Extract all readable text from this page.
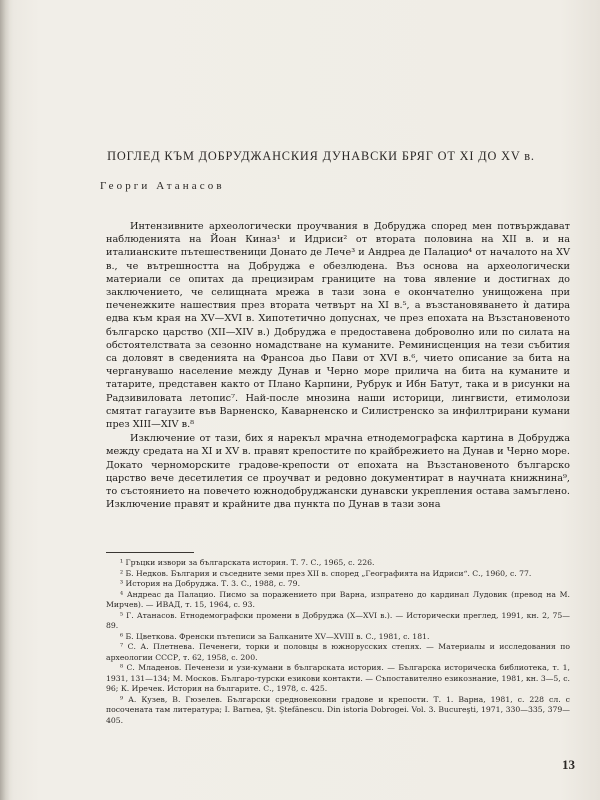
ПОГЛЕД КЪМ ДОБРУДЖАНСКИЯ ДУНАВСКИ БРЯГ ОТ XI ДО XV в.
Георги Атанасов

Интензивните археологически проучвания в Добруджа според мен потвърждават наблюденията на Йоан Киназ¹ и Идриси² от втората половина на XII в. и на италианските пътешественици Донато де Лече³ и Андреа де Палацио⁴ от началото на XV в., че вътрешността на Добруджа е обезлюдена. Въз основа на археологически материали се опитах да прецизирам границите на това явление и достигнах до заключението, че селищната мрежа в тази зона е окончателно унищожена при печенежките нашествия през втората четвърт на XI в.⁵, а възстановяването ѝ датира едва към края на XV—XVI в. Хипотетично допуснах, че през епохата на Възстановеното българско царство (XII—XIV в.) Добруджа е предоставена доброволно или по силата на обстоятелствата за сезонно номадстване на куманите. Реминисценция на тези събития са доловят в сведенията на Франсоа дьо Пави от XVI в.⁶, чието описание за бита на черганувашо население между Дунав и Черно море прилича на бита на куманите и татарите, представен както от Плано Карпини, Рубрук и Ибн Батут, така и в рисунки на Радзивиловата летопис⁷. Най-после мнозина наши историци, лингвисти, етимолози смятат гагаузите във Варненско, Каварненско и Силистренско за инфилтрирани кумани през XIII—XIV в.⁸

Изключение от тази, бих я нарекъл мрачна етнодемографска картина в Добруджа между средата на XI и XV в. правят крепостите по крайбрежието на Дунав и Черно море. Докато черноморските градове-крепости от епохата на Възстановеното българско царство вече десетилетия се проучват и редовно документират в научната книжнина⁹, то състоянието на повечето южнодобруджански дунавски укрепления остава замъглено. Изключение правят и крайните два пункта по Дунав в тази зона

¹ Гръцки извори за българската история. Т. 7. С., 1965, с. 226.
² Б. Недков. България и съседните земи през XII в. според „Географията на Идриси“. С., 1960, с. 77.
³ История на Добруджа. Т. 3. С., 1988, с. 79.
⁴ Андреас да Палацио. Писмо за поражението при Варна, изпратено до кардинал Лудовик (превод на М. Мирчев). — ИВАД, т. 15, 1964, с. 93.
⁵ Г. Атанасов. Етнодемографски промени в Добруджа (X—XVI в.). — Исторически преглед, 1991, кн. 2, 75—89.
⁶ Б. Цветкова. Френски пътеписи за Балканите XV—XVIII в. С., 1981, с. 181.
⁷ С. А. Плетнева. Печенеги, торки и половцы в южнорусских степях. — Материалы и исследования по археологии СССР, т. 62, 1958, с. 200.
⁸ С. Младенов. Печенези и узи-кумани в българската история. — Българска историческа библиотека, т. 1, 1931, 131—134; М. Москов. Българо-турски езикови контакти. — Съпоставително езикознание, 1981, кн. 3—5, с. 96; К. Иречек. История на българите. С., 1978, с. 425.
⁹ А. Кузев, В. Гюзелев. Български средновековни градове и крепости. Т. 1. Варна, 1981, с. 228 сл. с посочената там литература; I. Barnea, Şt. Ştefănescu. Din istoria Dobrogei. Vol. 3. Bucureşti, 1971, 330—335, 379—405.
13
